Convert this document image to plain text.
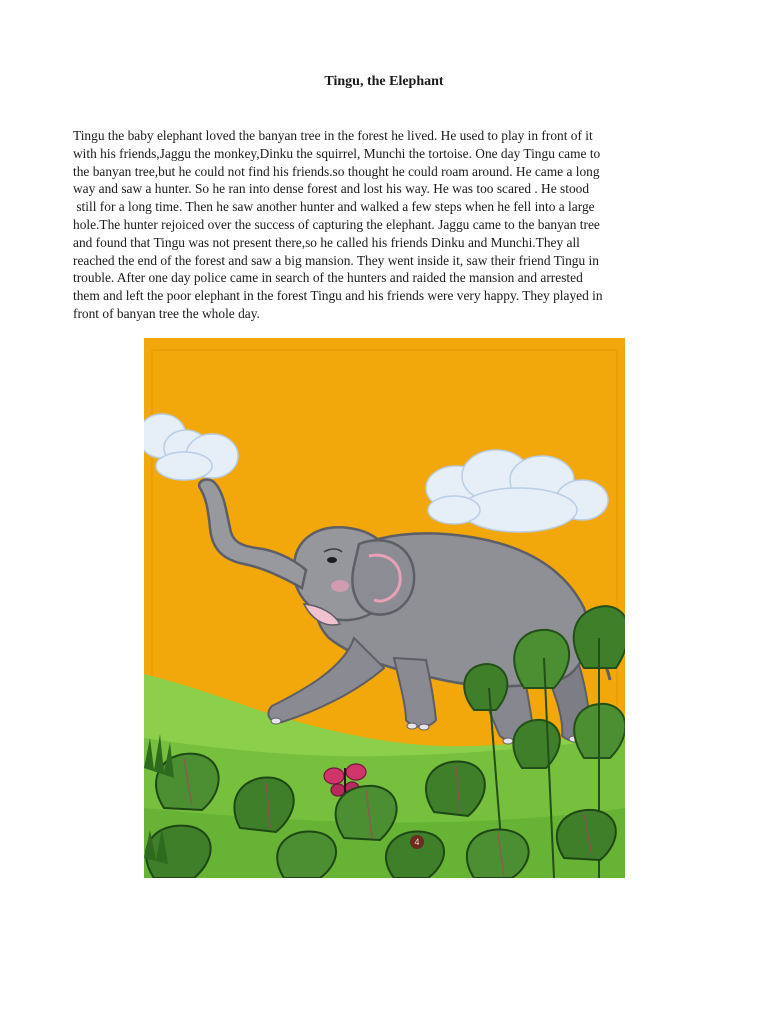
Tingu, the Elephant
Tingu the baby elephant loved the banyan tree in the forest he lived. He used to play in front of it
with his friends,Jaggu the monkey,Dinku the squirrel, Munchi the tortoise. One day Tingu came to
the banyan tree,but he could not find his friends.so thought he could roam around. He came a long
way and saw a hunter. So he ran into dense forest and lost his way. He was too scared . He stood
still for a long time. Then he saw another hunter and walked a few steps when he fell into a large
hole.The hunter rejoiced over the success of capturing the elephant. Jaggu came to the banyan tree
and found that Tingu was not present there,so he called his friends Dinku and Munchi.They all
reached the end of the forest and saw a big mansion. They went inside it, saw their friend Tingu in
trouble. After one day police came in search of the hunters and raided the mansion and arrested
them and left the poor elephant in the forest Tingu and his friends were very happy. They played in
front of banyan tree the whole day.
4
